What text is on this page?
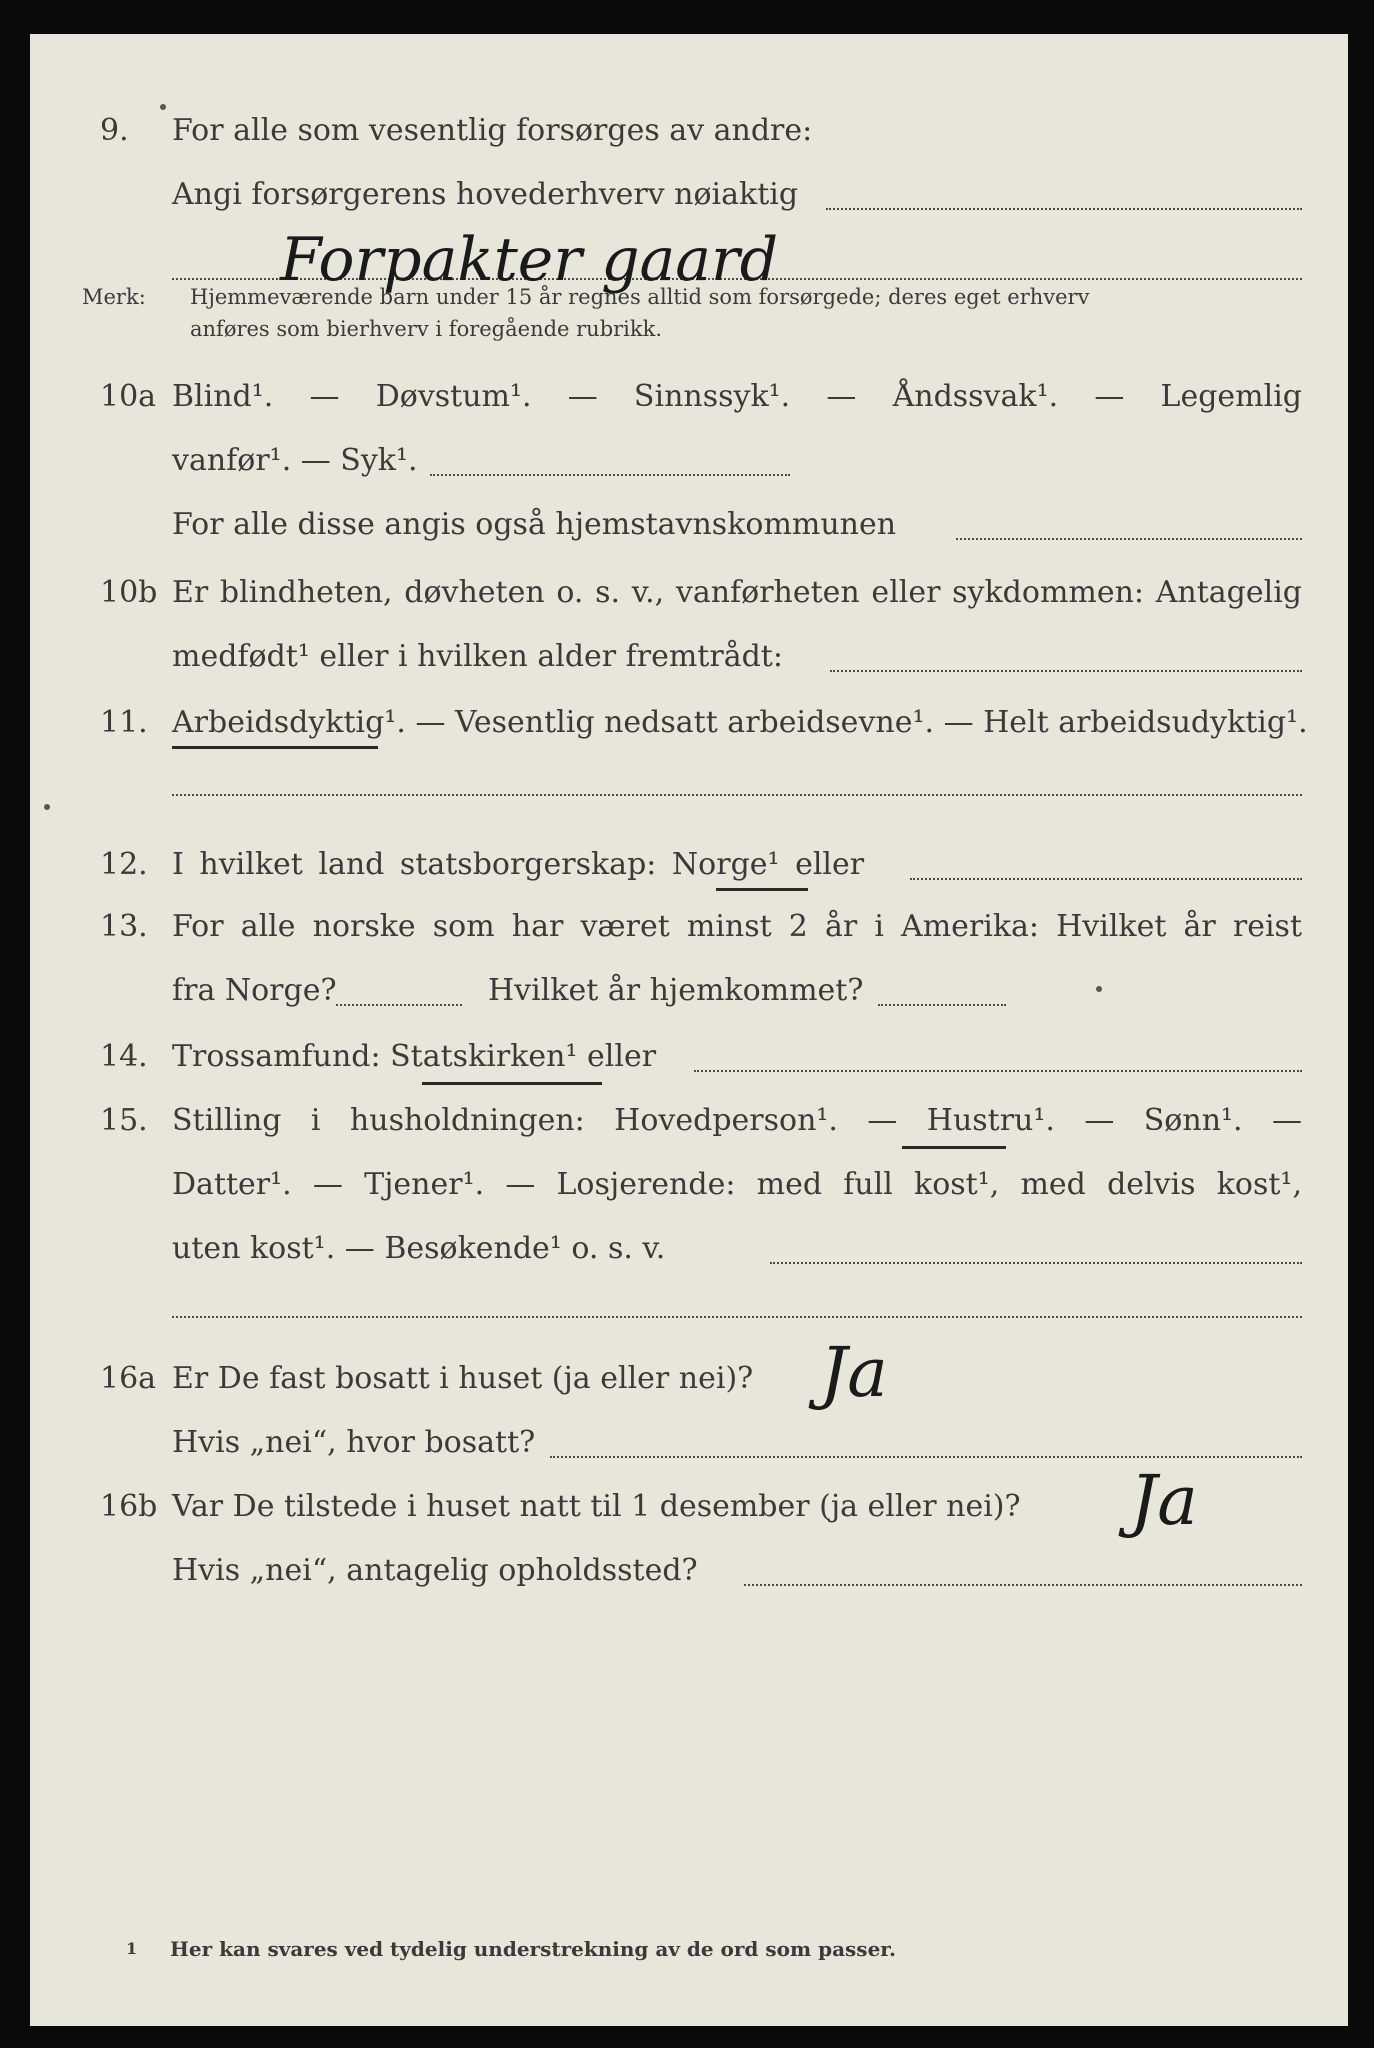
9. For alle som vesentlig forsørges av andre:
Angi forsørgerens hovederhverv nøiaktig
Forpakter gaard
Merk: Hjemmeværende barn under 15 år regnes alltid som forsørgede; deres eget erhverv
anføres som bierhverv i foregående rubrikk.
10a Blind¹. — Døvstum¹. — Sinnssyk¹. — Åndssvak¹. — Legemlig
vanfør¹. — Syk¹.
For alle disse angis også hjemstavnskommunen
10b Er blindheten, døvheten o. s. v., vanførheten eller sykdommen: Antagelig
medfødt¹ eller i hvilken alder fremtrådt:
11. Arbeidsdyktig¹. — Vesentlig nedsatt arbeidsevne¹. — Helt arbeidsudyktig¹.
12. I hvilket land statsborgerskap: Norge¹ eller
13. For alle norske som har været minst 2 år i Amerika: Hvilket år reist
fra Norge?	Hvilket år hjemkommet?
14. Trossamfund: Statskirken¹ eller
15. Stilling i husholdningen: Hovedperson¹. — Hustru¹. — Sønn¹. —
Datter¹. — Tjener¹. — Losjerende: med full kost¹, med delvis kost¹,
uten kost¹. — Besøkende¹ o. s. v.
16a Er De fast bosatt i huset (ja eller nei)? Ja
Hvis „nei“, hvor bosatt?
16b Var De tilstede i huset natt til 1 desember (ja eller nei)? Ja
Hvis „nei“, antagelig opholdssted?
1 Her kan svares ved tydelig understrekning av de ord som passer.
